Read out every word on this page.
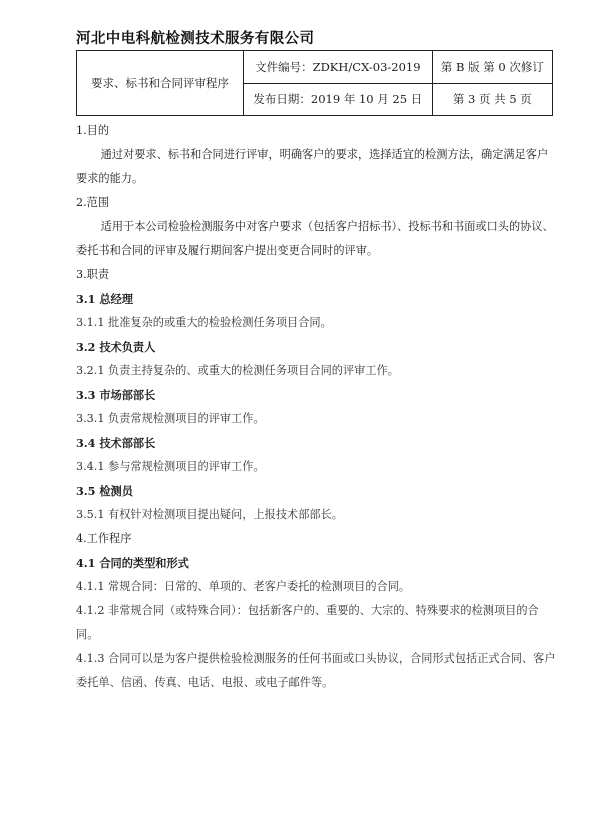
河北中电科航检测技术服务有限公司
要求、标书和合同评审程序	文件编号：ZDKH/CX-03-2019	第 B 版 第 0 次修订
	发布日期：2019 年 10 月 25 日	第 3 页 共 5 页
1.目的
通过对要求、标书和合同进行评审，明确客户的要求，选择适宜的检测方法，确定满足客户要求的能力。
2.范围
适用于本公司检验检测服务中对客户要求（包括客户招标书）、投标书和书面或口头的协议、委托书和合同的评审及履行期间客户提出变更合同时的评审。
3.职责
3.1 总经理
3.1.1 批准复杂的或重大的检验检测任务项目合同。
3.2 技术负责人
3.2.1 负责主持复杂的、或重大的检测任务项目合同的评审工作。
3.3 市场部部长
3.3.1 负责常规检测项目的评审工作。
3.4 技术部部长
3.4.1 参与常规检测项目的评审工作。
3.5 检测员
3.5.1 有权针对检测项目提出疑问，上报技术部部长。
4.工作程序
4.1 合同的类型和形式
4.1.1 常规合同：日常的、单项的、老客户委托的检测项目的合同。
4.1.2 非常规合同（或特殊合同）：包括新客户的、重要的、大宗的、特殊要求的检测项目的合同。
4.1.3 合同可以是为客户提供检验检测服务的任何书面或口头协议，合同形式包括正式合同、客户委托单、信函、传真、电话、电报、或电子邮件等。
